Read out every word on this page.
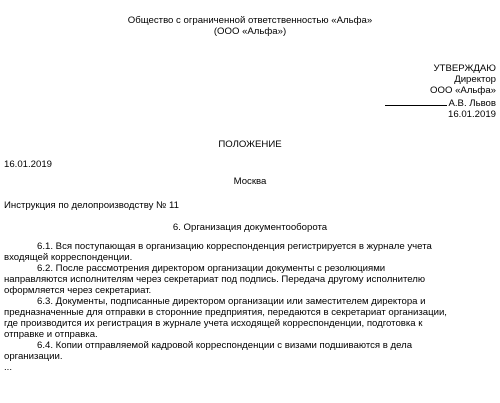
Общество с ограниченной ответственностью «Альфа»
(ООО «Альфа»)
УТВЕРЖДАЮ
Директор
ООО «Альфа»
А.В. Львов
16.01.2019
ПОЛОЖЕНИЕ
16.01.2019
Москва
Инструкция по делопроизводству № 11
6. Организация документооборота

6.1. Вся поступающая в организацию корреспонденция регистрируется в журнале учета
входящей корреспонденции.

6.2. После рассмотрения директором организации документы с резолюциями
направляются исполнителям через секретариат под подпись. Передача другому исполнителю
оформляется через секретариат.

6.3. Документы, подписанные директором организации или заместителем директора и
предназначенные для отправки в сторонние предприятия, передаются в секретариат организации,
где производится их регистрация в журнале учета исходящей корреспонденции, подготовка к
отправке и отправка.

6.4. Копии отправляемой кадровой корреспонденции с визами подшиваются в дела
организации.

...
